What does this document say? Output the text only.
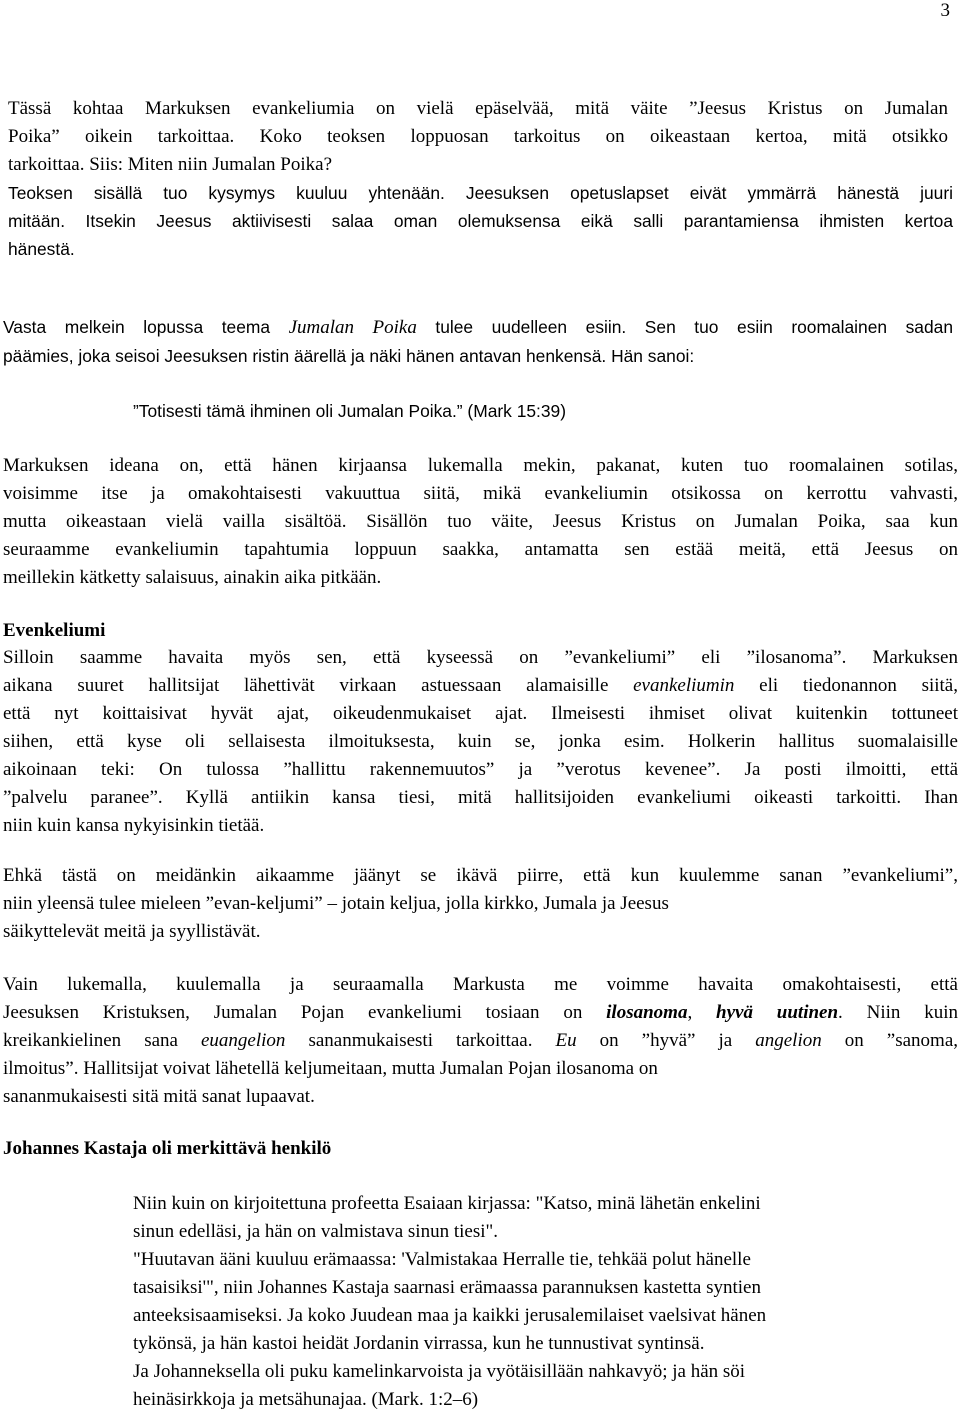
3
Tässä kohtaa Markuksen evankeliumia on vielä epäselvää, mitä väite ”Jeesus Kristus on Jumalan
Poika” oikein tarkoittaa. Koko teoksen loppuosan tarkoitus on oikeastaan kertoa, mitä otsikko
tarkoittaa. Siis: Miten niin Jumalan Poika?
Teoksen sisällä tuo kysymys kuuluu yhtenään. Jeesuksen opetuslapset eivät ymmärrä hänestä juuri
mitään. Itsekin Jeesus aktiivisesti salaa oman olemuksensa eikä salli parantamiensa ihmisten kertoa
hänestä.
Vasta melkein lopussa teema Jumalan Poika tulee uudelleen esiin. Sen tuo esiin roomalainen sadan
päämies, joka seisoi Jeesuksen ristin äärellä ja näki hänen antavan henkensä. Hän sanoi:
”Totisesti tämä ihminen oli Jumalan Poika.” (Mark 15:39)
Markuksen ideana on, että hänen kirjaansa lukemalla mekin, pakanat, kuten tuo roomalainen sotilas,
voisimme itse ja omakohtaisesti vakuuttua siitä, mikä evankeliumin otsikossa on kerrottu vahvasti,
mutta oikeastaan vielä vailla sisältöä. Sisällön tuo väite, Jeesus Kristus on Jumalan Poika, saa kun
seuraamme evankeliumin tapahtumia loppuun saakka, antamatta sen estää meitä, että Jeesus on
meillekin kätketty salaisuus, ainakin aika pitkään.
Evenkeliumi
Silloin saamme havaita myös sen, että kyseessä on ”evankeliumi” eli ”ilosanoma”. Markuksen
aikana suuret hallitsijat lähettivät virkaan astuessaan alamaisille evankeliumin eli tiedonannon siitä,
että nyt koittaisivat hyvät ajat, oikeudenmukaiset ajat. Ilmeisesti ihmiset olivat kuitenkin tottuneet
siihen, että kyse oli sellaisesta ilmoituksesta, kuin se, jonka esim. Holkerin hallitus suomalaisille
aikoinaan teki: On tulossa ”hallittu rakennemuutos” ja ”verotus kevenee”. Ja posti ilmoitti, että
”palvelu paranee”. Kyllä antiikin kansa tiesi, mitä hallitsijoiden evankeliumi oikeasti tarkoitti. Ihan
niin kuin kansa nykyisinkin tietää.
Ehkä tästä on meidänkin aikaamme jäänyt se ikävä piirre, että kun kuulemme sanan ”evankeliumi”,
niin yleensä tulee mieleen ”evan-keljumi” – jotain keljua, jolla kirkko, Jumala ja Jeesus
säikyttelevät meitä ja syyllistävät.
Vain lukemalla, kuulemalla ja seuraamalla Markusta me voimme havaita omakohtaisesti, että
Jeesuksen Kristuksen, Jumalan Pojan evankeliumi tosiaan on ilosanoma, hyvä uutinen. Niin kuin
kreikankielinen sana euangelion sananmukaisesti tarkoittaa. Eu on ”hyvä” ja angelion on ”sanoma,
ilmoitus”. Hallitsijat voivat lähetellä keljumeitaan, mutta Jumalan Pojan ilosanoma on
sananmukaisesti sitä mitä sanat lupaavat.
Johannes Kastaja oli merkittävä henkilö
Niin kuin on kirjoitettuna profeetta Esaiaan kirjassa: "Katso, minä lähetän enkelini
sinun edelläsi, ja hän on valmistava sinun tiesi".
"Huutavan ääni kuuluu erämaassa: 'Valmistakaa Herralle tie, tehkää polut hänelle
tasaisiksi'", niin Johannes Kastaja saarnasi erämaassa parannuksen kastetta syntien
anteeksisaamiseksi. Ja koko Juudean maa ja kaikki jerusalemilaiset vaelsivat hänen
tykönsä, ja hän kastoi heidät Jordanin virrassa, kun he tunnustivat syntinsä.
Ja Johanneksella oli puku kamelinkarvoista ja vyötäisillään nahkavyö; ja hän söi
heinäsirkkoja ja metsähunajaa. (Mark. 1:2–6)
